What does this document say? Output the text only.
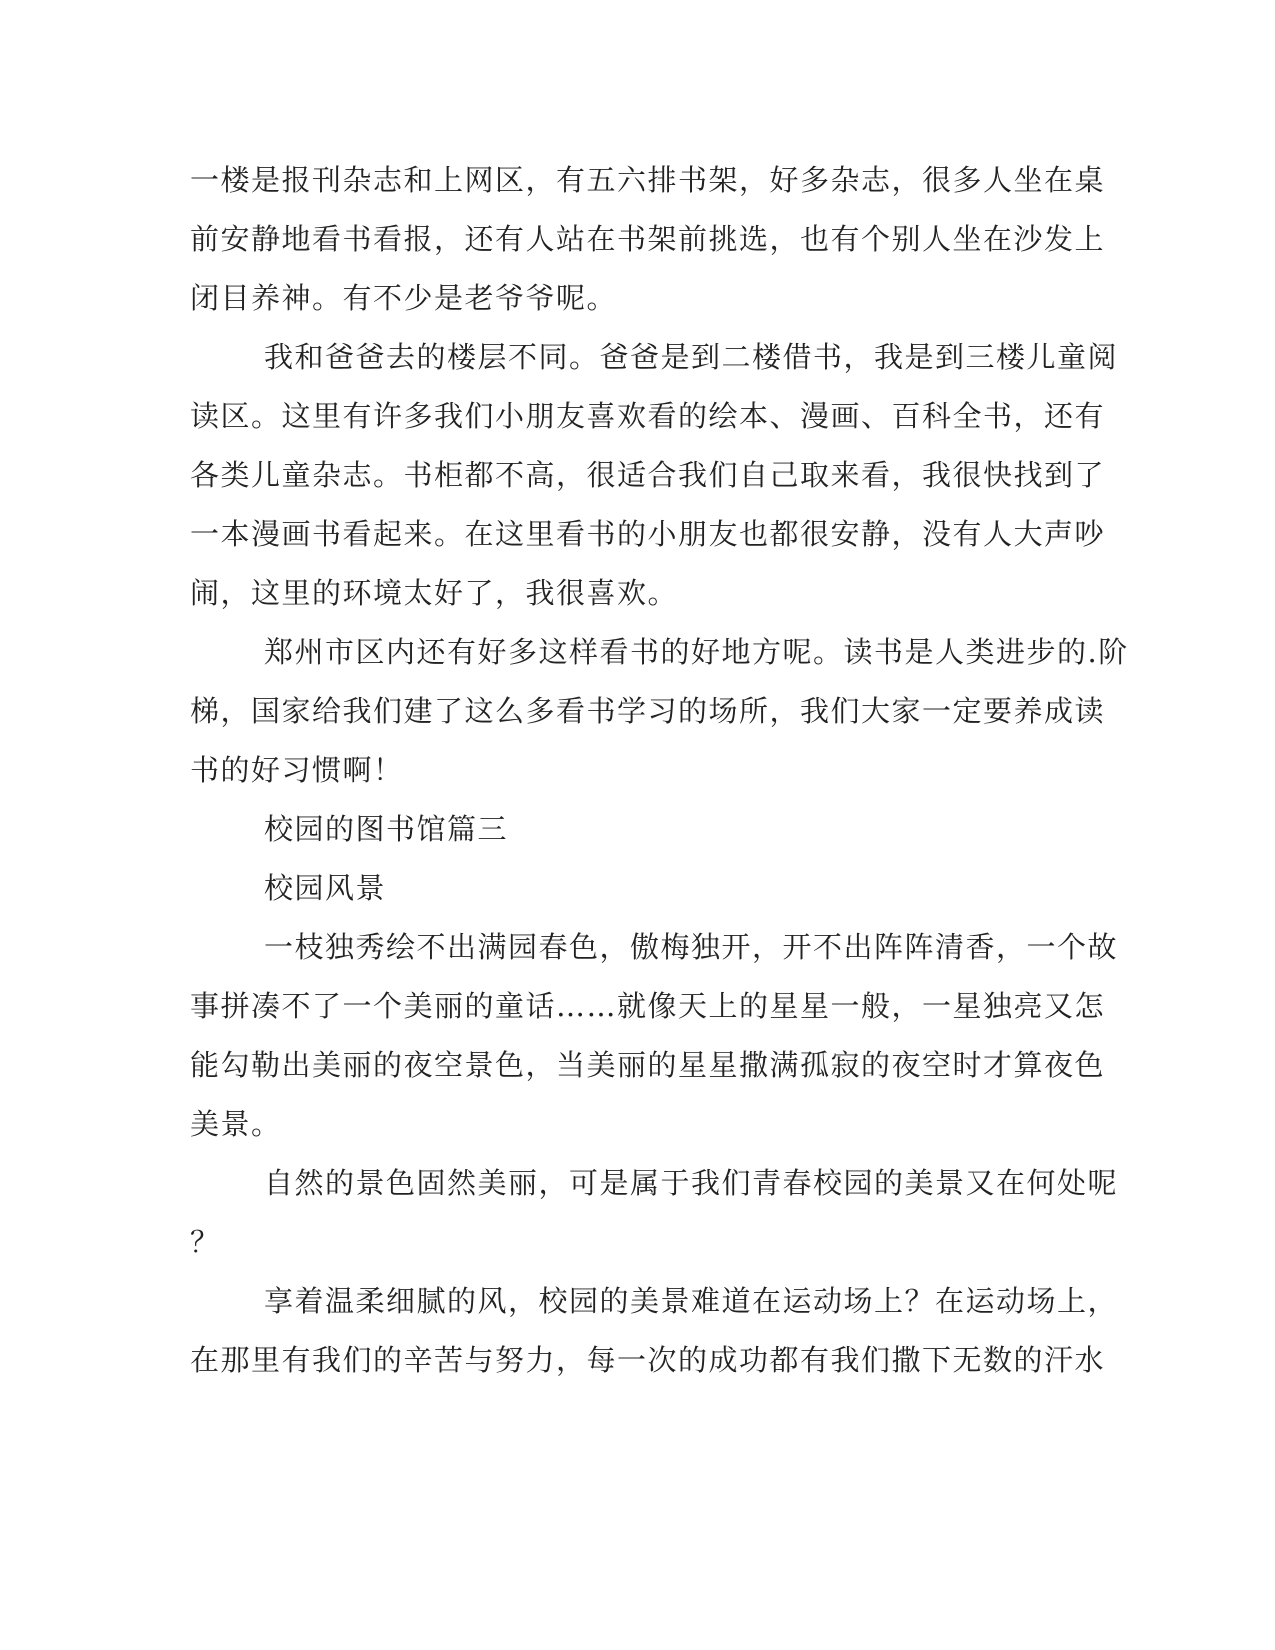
一楼是报刊杂志和上网区，有五六排书架，好多杂志，很多人坐在桌
前安静地看书看报，还有人站在书架前挑选，也有个别人坐在沙发上
闭目养神。有不少是老爷爷呢。
我和爸爸去的楼层不同。爸爸是到二楼借书，我是到三楼儿童阅
读区。这里有许多我们小朋友喜欢看的绘本、漫画、百科全书，还有
各类儿童杂志。书柜都不高，很适合我们自己取来看，我很快找到了
一本漫画书看起来。在这里看书的小朋友也都很安静，没有人大声吵
闹，这里的环境太好了，我很喜欢。
郑州市区内还有好多这样看书的好地方呢。读书是人类进步的.阶
梯，国家给我们建了这么多看书学习的场所，我们大家一定要养成读
书的好习惯啊！
校园的图书馆篇三
校园风景
一枝独秀绘不出满园春色，傲梅独开，开不出阵阵清香，一个故
事拼凑不了一个美丽的童话……就像天上的星星一般，一星独亮又怎
能勾勒出美丽的夜空景色，当美丽的星星撒满孤寂的夜空时才算夜色
美景。
自然的景色固然美丽，可是属于我们青春校园的美景又在何处呢
？
享着温柔细腻的风，校园的美景难道在运动场上？在运动场上，
在那里有我们的辛苦与努力，每一次的成功都有我们撒下无数的汗水
